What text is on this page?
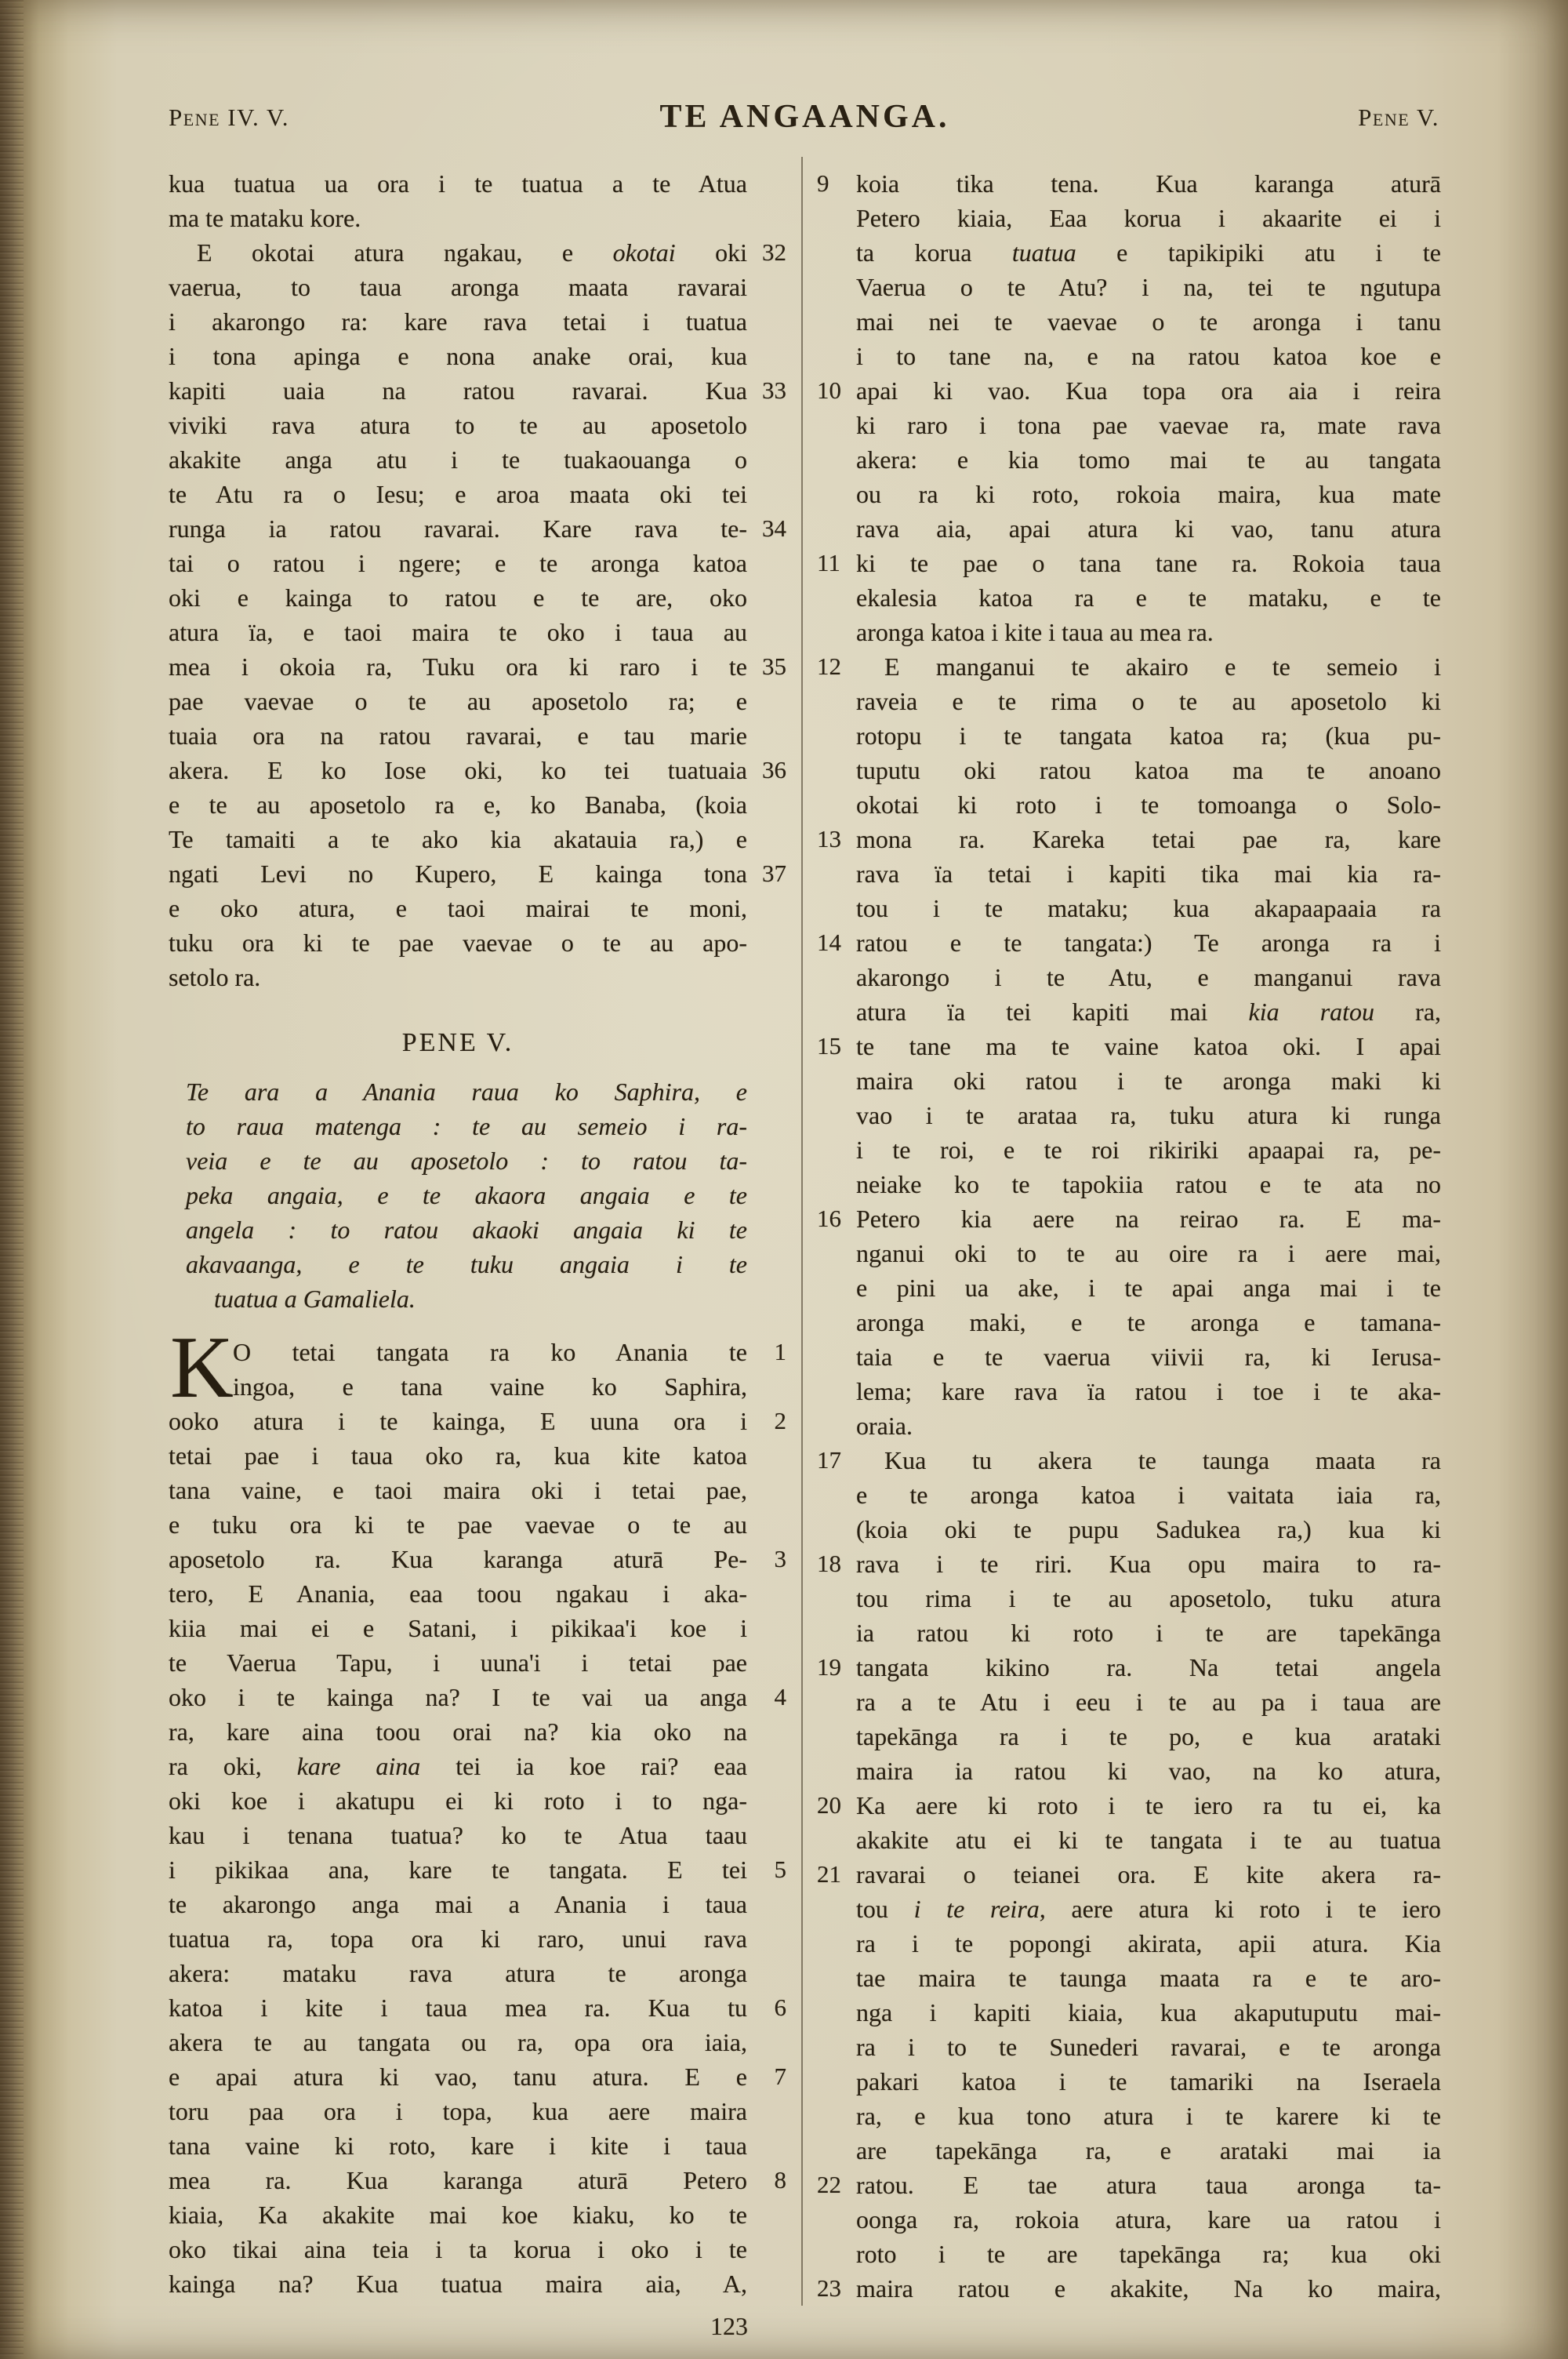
Pene IV. V.	TE ANGAANGA.	Pene V.
kua tuatua ua ora i te tuatua a te Atua
ma te mataku kore.
32
E okotai atura ngakau, e okotai oki
vaerua, to taua aronga maata ravarai
i akarongo ra: kare rava tetai i tuatua
i tona apinga e nona anake orai, kua
33
kapiti uaia na ratou ravarai. Kua
viviki rava atura to te au aposetolo
akakite anga atu i te tuakaouanga o
te Atu ra o Iesu; e aroa maata oki tei
34
runga ia ratou ravarai. Kare rava te-
tai o ratou i ngere; e te aronga katoa
oki e kainga to ratou e te are, oko
atura ïa, e taoi maira te oko i taua au
35
mea i okoia ra, Tuku ora ki raro i te
pae vaevae o te au aposetolo ra; e
tuaia ora na ratou ravarai, e tau marie
36
akera. E ko Iose oki, ko tei tuatuaia
e te au aposetolo ra e, ko Banaba, (koia
Te tamaiti a te ako kia akatauia ra,) e
37
ngati Levi no Kupero, E kainga tona
e oko atura, e taoi mairai te moni,
tuku ora ki te pae vaevae o te au apo-
setolo ra.
PENE V.
Te ara a Anania raua ko Saphira, e
to raua matenga : te au semeio i ra-
veia e te au aposetolo : to ratou ta-
peka angaia, e te akaora angaia e te
angela : to ratou akaoki angaia ki te
akavaanga, e te tuku angaia i te
tuatua a Gamaliela.
K	1
O tetai tangata ra ko Anania te
ingoa, e tana vaine ko Saphira,
2
ooko atura i te kainga, E uuna ora i
tetai pae i taua oko ra, kua kite katoa
tana vaine, e taoi maira oki i tetai pae,
e tuku ora ki te pae vaevae o te au
3
aposetolo ra. Kua karanga aturā Pe-
tero, E Anania, eaa toou ngakau i aka-
kiia mai ei e Satani, i pikikaa'i koe i
te Vaerua Tapu, i uuna'i i tetai pae
4
oko i te kainga na? I te vai ua anga
ra, kare aina toou orai na? kia oko na
ra oki, kare aina tei ia koe rai? eaa
oki koe i akatupu ei ki roto i to nga-
kau i tenana tuatua? ko te Atua taau
5
i pikikaa ana, kare te tangata. E tei
te akarongo anga mai a Anania i taua
tuatua ra, topa ora ki raro, unui rava
akera: mataku rava atura te aronga
6
katoa i kite i taua mea ra. Kua tu
akera te au tangata ou ra, opa ora iaia,
7
e apai atura ki vao, tanu atura. E e
toru paa ora i topa, kua aere maira
tana vaine ki roto, kare i kite i taua
8
mea ra. Kua karanga aturā Petero
kiaia, Ka akakite mai koe kiaku, ko te
oko tikai aina teia i ta korua i oko i te
kainga na? Kua tuatua maira aia, A,
9 koia tika tena. Kua karanga aturā
Petero kiaia, Eaa korua i akaarite ei i
ta korua tuatua e tapikipiki atu i te
Vaerua o te Atu? i na, tei te ngutupa
mai nei te vaevae o te aronga i tanu
i to tane na, e na ratou katoa koe e
10 apai ki vao. Kua topa ora aia i reira
ki raro i tona pae vaevae ra, mate rava
akera: e kia tomo mai te au tangata
ou ra ki roto, rokoia maira, kua mate
rava aia, apai atura ki vao, tanu atura
11 ki te pae o tana tane ra. Rokoia taua
ekalesia katoa ra e te mataku, e te
aronga katoa i kite i taua au mea ra.
12	E manganui te akairo e te semeio i
raveia e te rima o te au aposetolo ki
rotopu i te tangata katoa ra; (kua pu-
tuputu oki ratou katoa ma te anoano
okotai ki roto i te tomoanga o Solo-
13 mona ra. Kareka tetai pae ra, kare
rava ïa tetai i kapiti tika mai kia ra-
tou i te mataku; kua akapaapaaia ra
14 ratou e te tangata:) Te aronga ra i
akarongo i te Atu, e manganui rava
atura ïa tei kapiti mai kia ratou ra,
15 te tane ma te vaine katoa oki. I apai
maira oki ratou i te aronga maki ki
vao i te arataa ra, tuku atura ki runga
i te roi, e te roi rikiriki apaapai ra, pe-
neiake ko te tapokiia ratou e te ata no
16 Petero kia aere na reirao ra. E ma-
nganui oki to te au oire ra i aere mai,
e pini ua ake, i te apai anga mai i te
aronga maki, e te aronga e tamana-
taia e te vaerua viivii ra, ki Ierusa-
lema; kare rava ïa ratou i toe i te aka-
oraia.
17	Kua tu akera te taunga maata ra
e te aronga katoa i vaitata iaia ra,
(koia oki te pupu Sadukea ra,) kua ki
18 rava i te riri. Kua opu maira to ra-
tou rima i te au aposetolo, tuku atura
ia ratou ki roto i te are tapekānga
19 tangata kikino ra. Na tetai angela
ra a te Atu i eeu i te au pa i taua are
tapekānga ra i te po, e kua arataki
maira ia ratou ki vao, na ko atura,
20 Ka aere ki roto i te iero ra tu ei, ka
akakite atu ei ki te tangata i te au tuatua
21 ravarai o teianei ora. E kite akera ra-
tou i te reira, aere atura ki roto i te iero
ra i te popongi akirata, apii atura. Kia
tae maira te taunga maata ra e te aro-
nga i kapiti kiaia, kua akaputuputu mai-
ra i to te Sunederi ravarai, e te aronga
pakari katoa i te tamariki na Iseraela
ra, e kua tono atura i te karere ki te
are tapekānga ra, e arataki mai ia
22 ratou. E tae atura taua aronga ta-
oonga ra, rokoia atura, kare ua ratou i
roto i te are tapekānga ra; kua oki
23 maira ratou e akakite, Na ko maira,
123
